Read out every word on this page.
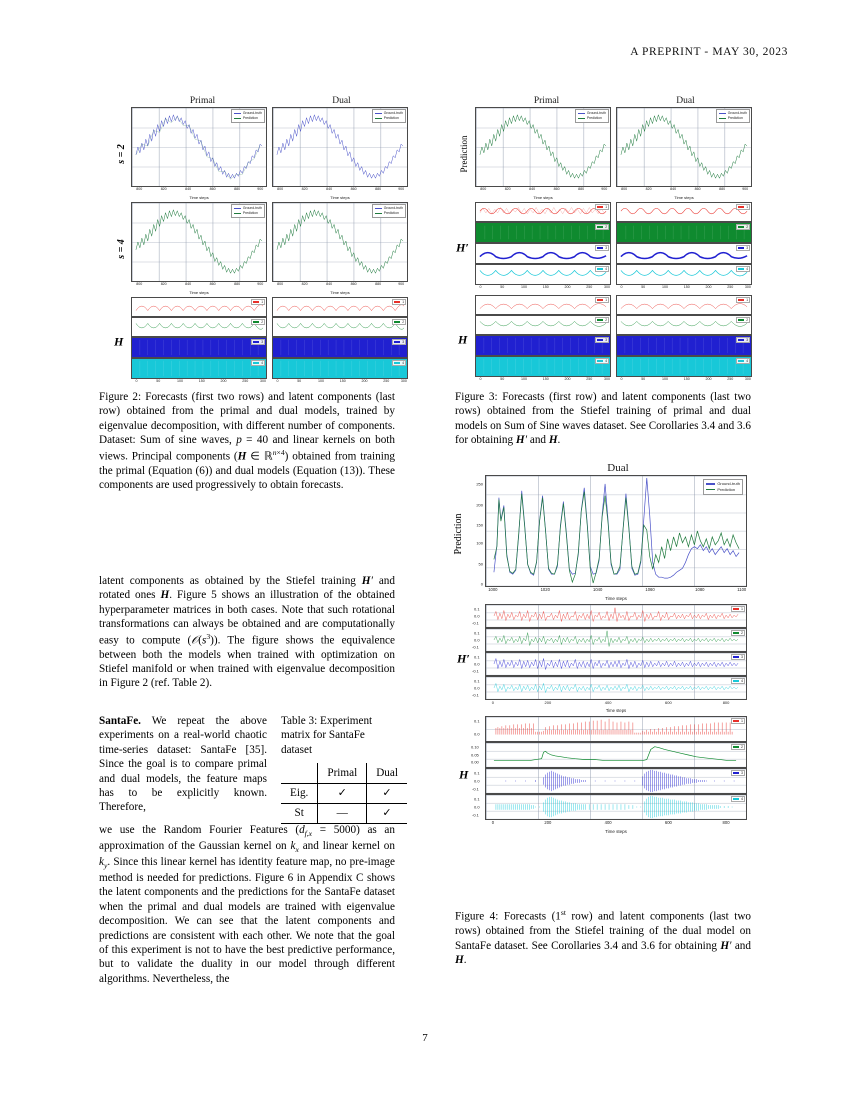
A PREPRINT - MAY 30, 2023
Primal	Dual
s = 2
Ground-truth
Prediction
800	820	840	860	880	900
Time steps
Ground-truth
Prediction
800	820	840	860	880	900
Time steps
s = 4
Ground-truth
Prediction
800	820	840	860	880	900
Time steps
Ground-truth
Prediction
800	820	840	860	880	900
Time steps
H
1
2
3
4
0	50	100	150	200	250	300
1
2
3
4
0	50	100	150	200	250	300
Figure 2: Forecasts (first two rows) and latent components (last row) obtained from the primal and dual models, trained by eigenvalue decomposition, with different number of components. Dataset: Sum of sine waves, p = 40 and linear kernels on both views. Principal components (H ∈ ℝ$^{n\times 4}$) obtained from training the primal (Equation (6)) and dual models (Equation (13)). These components are used progressively to obtain forecasts.
Primal	Dual
Prediction
Ground-truth
Prediction
800	820	840	860	880	900
Time steps
Ground-truth
Prediction
800	820	840	860	880	900
Time steps
H′
1
2
3
4
0	50	100	150	200	250	300
1
2
3
4
0	50	100	150	200	250	300
H
1
2
3
4
0	50	100	150	200	250	300
1
2
3
4
0	50	100	150	200	250	300
Figure 3: Forecasts (first row) and latent components (last two rows) obtained from the Stiefel training of primal and dual models on Sum of Sine waves dataset. See Corollaries 3.4 and 3.6 for obtaining H′ and H.
Dual
Prediction
250
200
150
100
50
0
Ground-truth
Prediction
1000	1020	1040	1060	1080	1100
Time steps
H′
1
0.1
0.0
-0.1
2
0.1
0.0
-0.1
3
0.1
0.0
-0.1
4
0.1
0.0
-0.1
0	200	400	600	800
Time steps
H
1
0.1
0.0
2
0.10
0.05
0.00
3
0.1
0.0
-0.1
4
0.1
0.0
-0.1
0	200	400	600	800
Time steps
Figure 4: Forecasts (1st row) and latent components (last two rows) obtained from the Stiefel training of the dual model on SantaFe dataset. See Corollaries 3.4 and 3.6 for obtaining H′ and H.
latent components as obtained by the Stiefel training H′ and rotated ones H. Figure 5 shows an illustration of the obtained hyperparameter matrices in both cases. Note that such rotational transformations can always be obtained and are computationally easy to compute $(𝒪(s^3))$. The figure shows the equivalence between both the models when trained with optimization on Stiefel manifold or when trained with eigenvalue decomposition in Figure 2 (ref. Table 2).
SantaFe. We repeat the above experiments on a real-world chaotic time-series dataset: SantaFe [35]. Since the goal is to compare primal and dual models, the feature maps has to be explicitly known. Therefore,
Table 3: Experiment matrix for SantaFe dataset
	Primal	Dual
Eig.	✓	✓
St	—	✓
we use the Random Fourier Features $(d_{f,x} = 5000)$ as an approximation of the Gaussian kernel on $k_x$ and linear kernel on $k_y$. Since this linear kernel has identity feature map, no pre-image method is needed for predictions. Figure 6 in Appendix C shows the latent components and the predictions for the SantaFe dataset when the primal and dual models are trained with eigenvalue decomposition. We can see that the latent components and predictions are consistent with each other. We note that the goal of this experiment is not to have the best predictive performance, but to validate the duality in our model through different algorithms. Nevertheless, the
7
